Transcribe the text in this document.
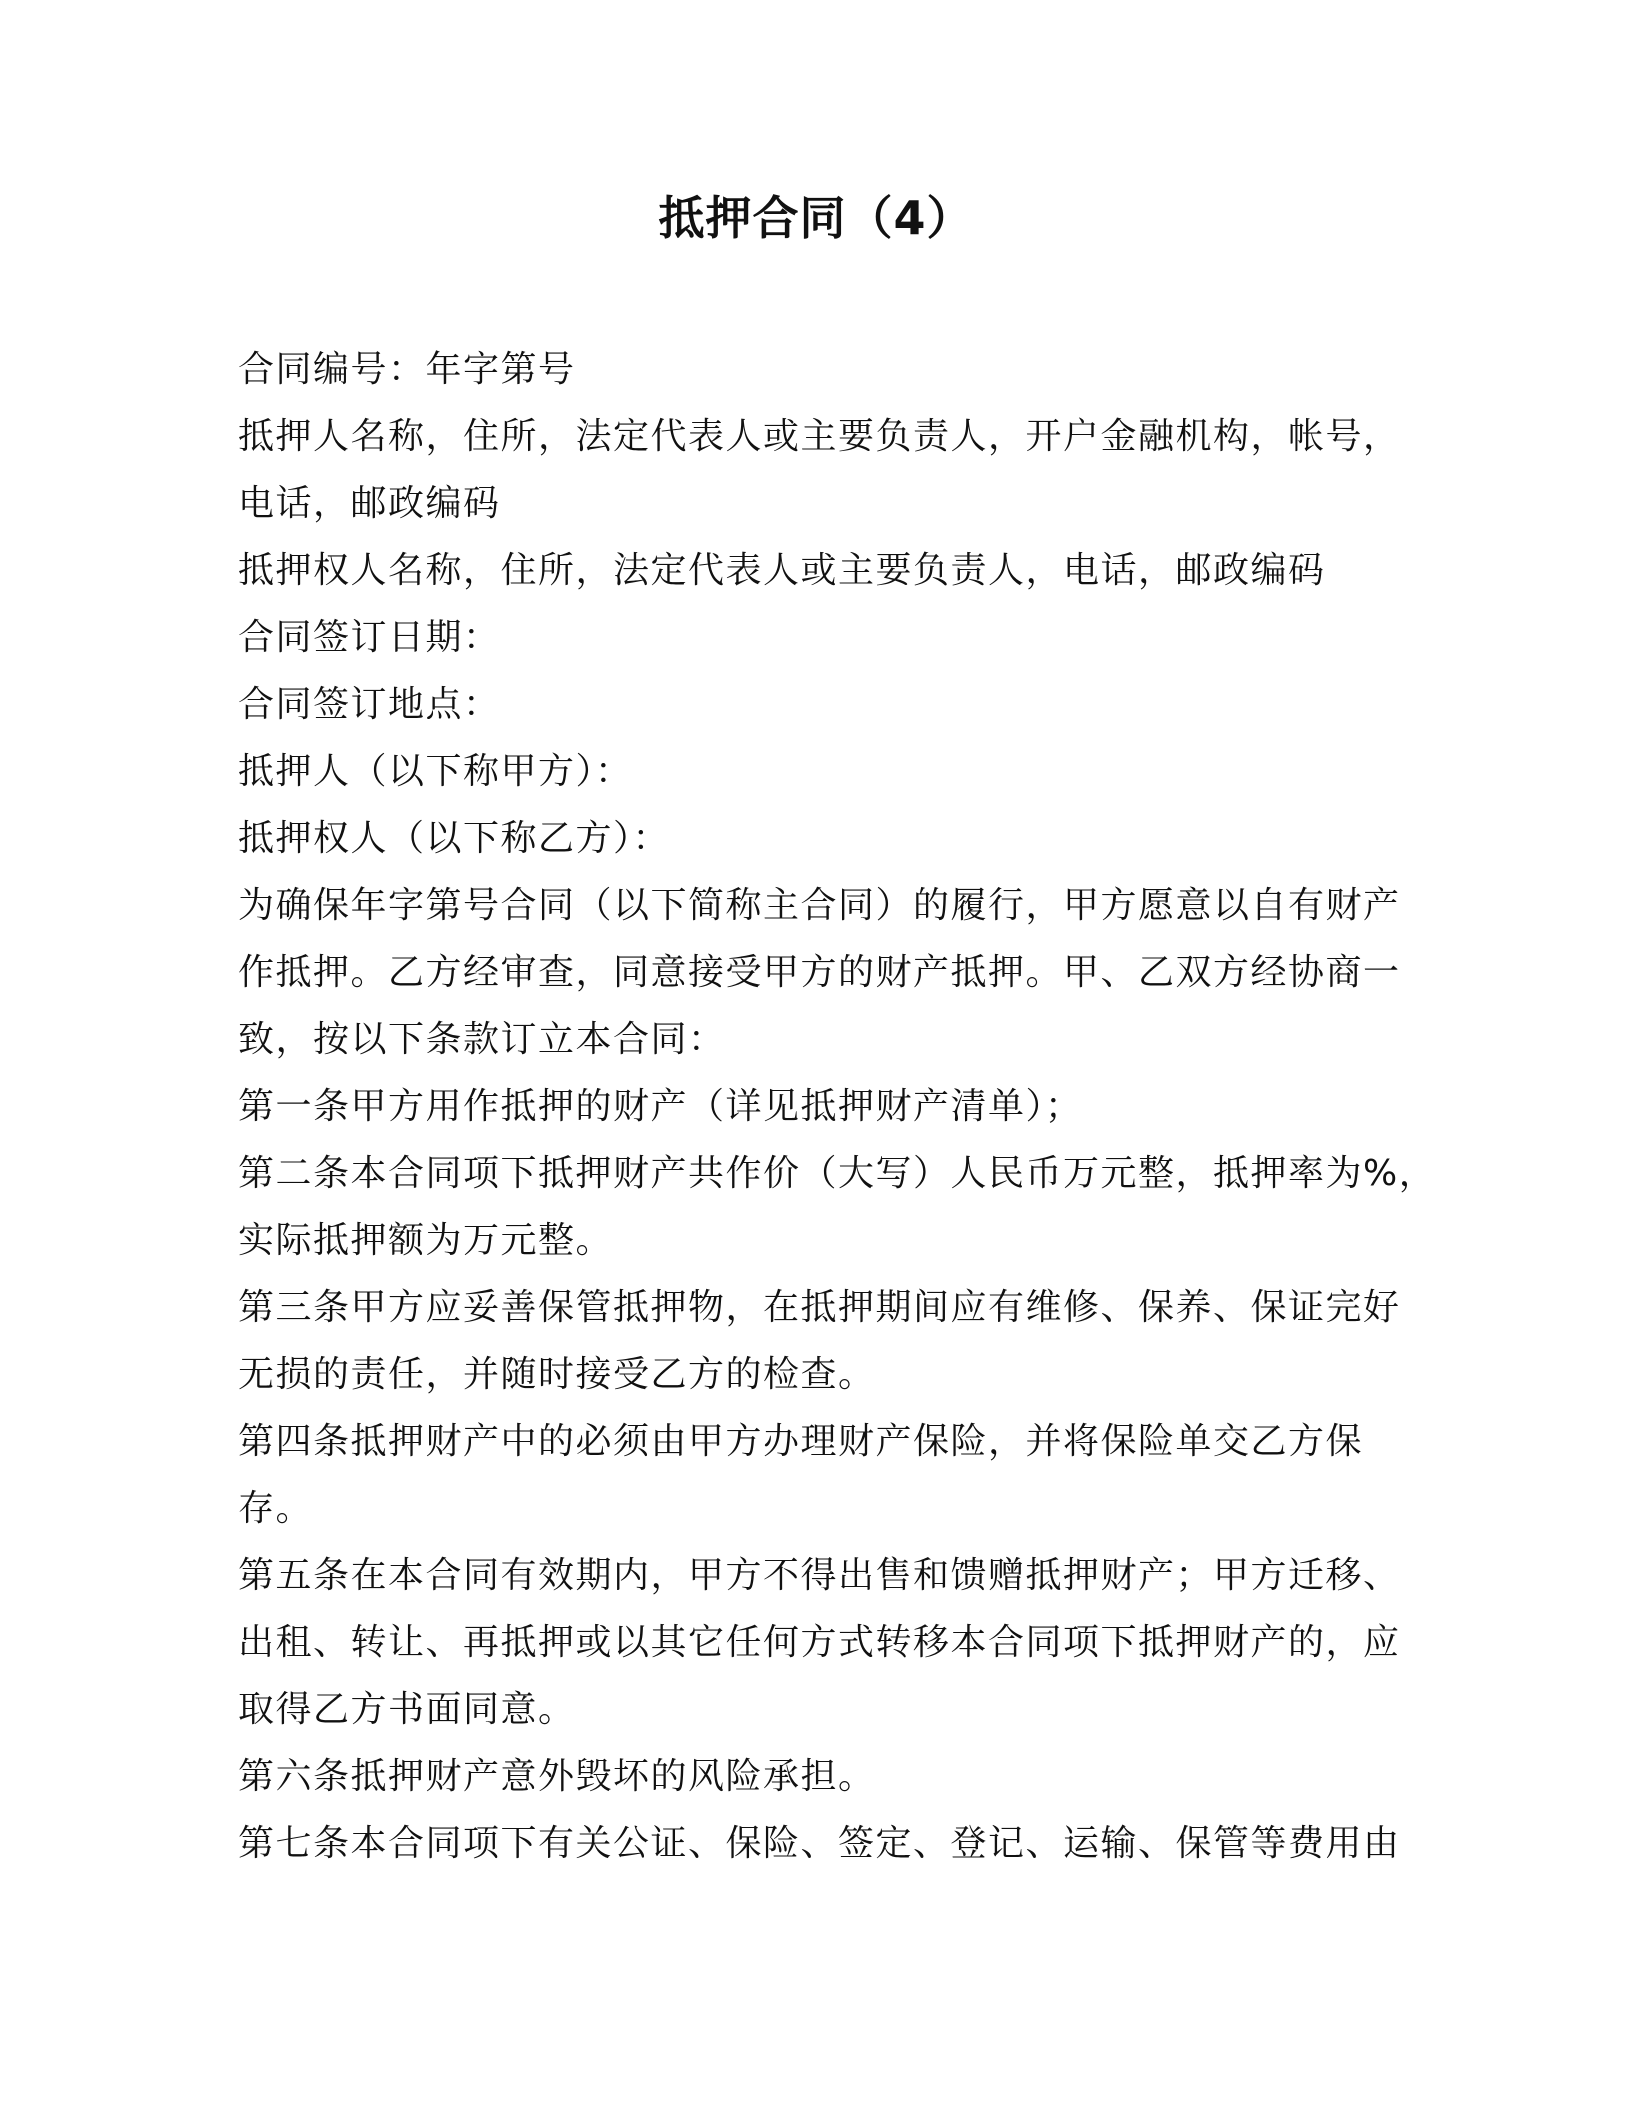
抵押合同（4）
合同编号：年字第号
抵押人名称，住所，法定代表人或主要负责人，开户金融机构，帐号，
电话，邮政编码
抵押权人名称，住所，法定代表人或主要负责人，电话，邮政编码
合同签订日期：
合同签订地点：
抵押人（以下称甲方）：
抵押权人（以下称乙方）：
为确保年字第号合同（以下简称主合同）的履行，甲方愿意以自有财产
作抵押。乙方经审查，同意接受甲方的财产抵押。甲、乙双方经协商一
致，按以下条款订立本合同：
第一条甲方用作抵押的财产（详见抵押财产清单）；
第二条本合同项下抵押财产共作价（大写）人民币万元整，抵押率为%，
实际抵押额为万元整。
第三条甲方应妥善保管抵押物，在抵押期间应有维修、保养、保证完好
无损的责任，并随时接受乙方的检查。
第四条抵押财产中的必须由甲方办理财产保险，并将保险单交乙方保
存。
第五条在本合同有效期内，甲方不得出售和馈赠抵押财产；甲方迁移、
出租、转让、再抵押或以其它任何方式转移本合同项下抵押财产的，应
取得乙方书面同意。
第六条抵押财产意外毁坏的风险承担。
第七条本合同项下有关公证、保险、签定、登记、运输、保管等费用由
